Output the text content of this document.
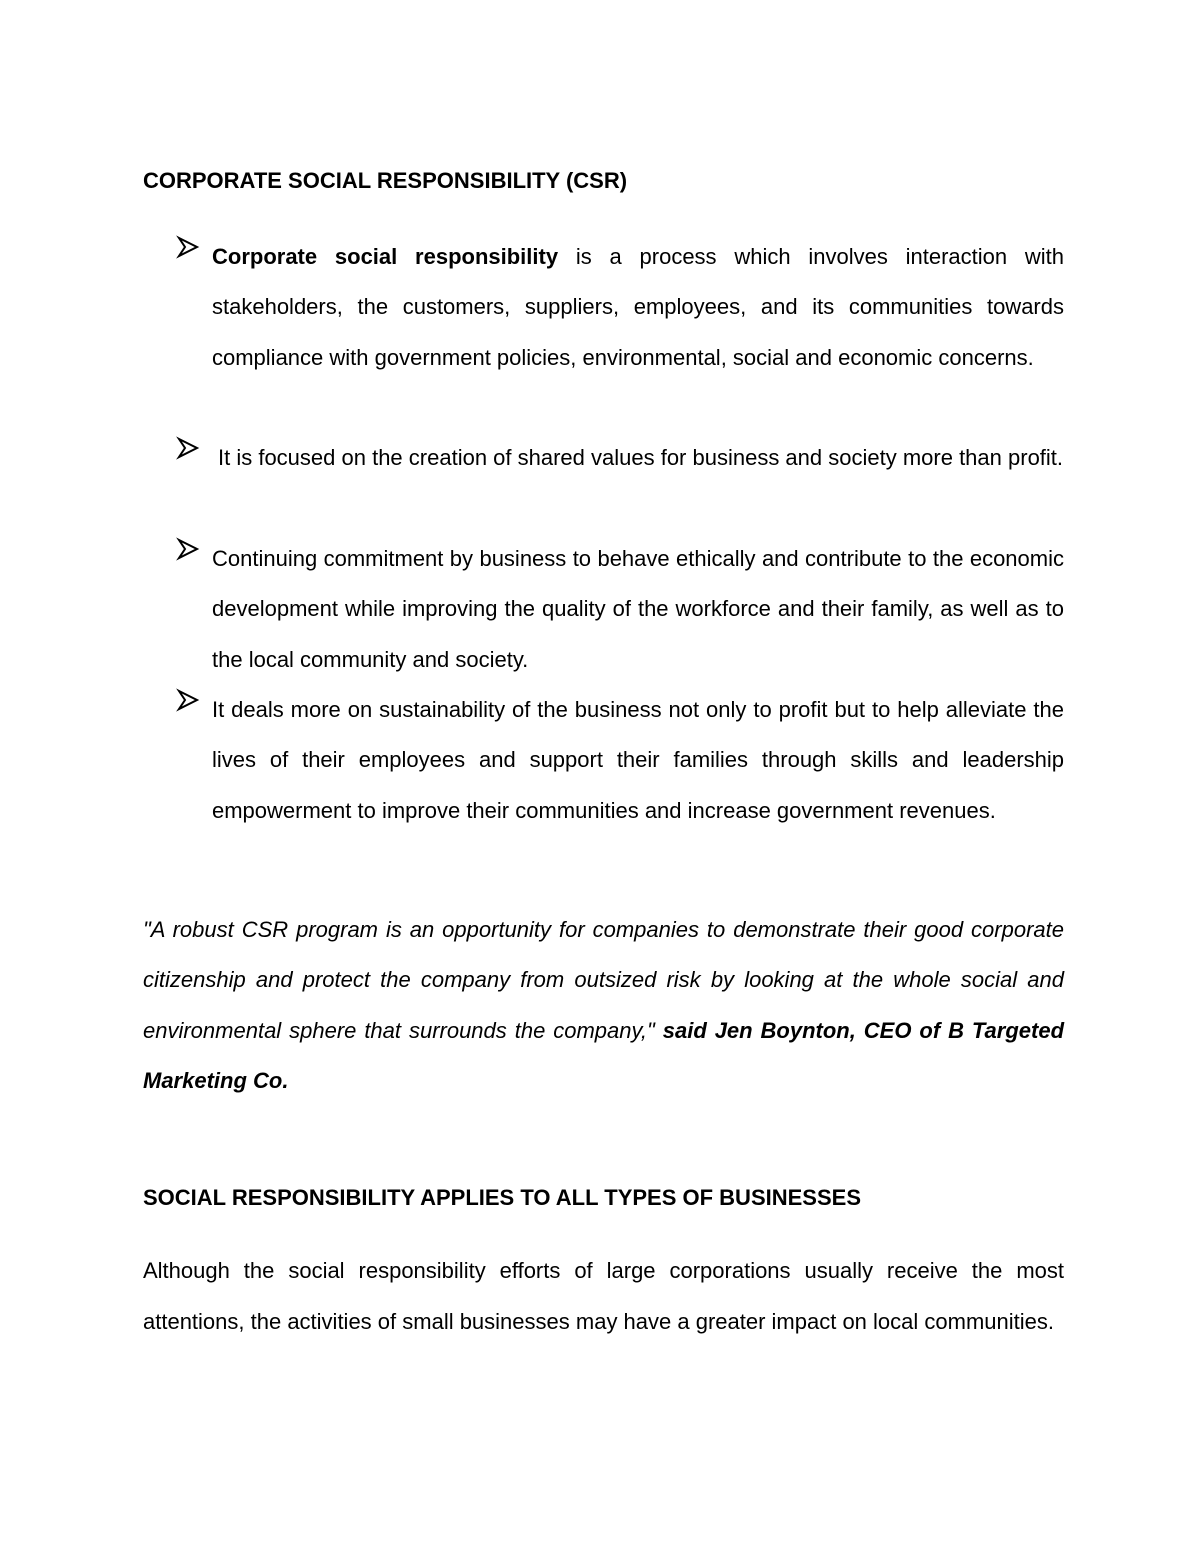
CORPORATE SOCIAL RESPONSIBILITY (CSR)
Corporate social responsibility is a process which involves interaction with stakeholders, the customers, suppliers, employees, and its communities towards compliance with government policies, environmental, social and economic concerns.
It is focused on the creation of shared values for business and society more than profit.
Continuing commitment by business to behave ethically and contribute to the economic development while improving the quality of the workforce and their family, as well as to the local community and society.
It deals more on sustainability of the business not only to profit but to help alleviate the lives of their employees and support their families through skills and leadership empowerment to improve their communities and increase government revenues.
"A robust CSR program is an opportunity for companies to demonstrate their good corporate citizenship and protect the company from outsized risk by looking at the whole social and environmental sphere that surrounds the company," said Jen Boynton, CEO of B Targeted Marketing Co.
SOCIAL RESPONSIBILITY APPLIES TO ALL TYPES OF BUSINESSES
Although the social responsibility efforts of large corporations usually receive the most attentions, the activities of small businesses may have a greater impact on local communities.
